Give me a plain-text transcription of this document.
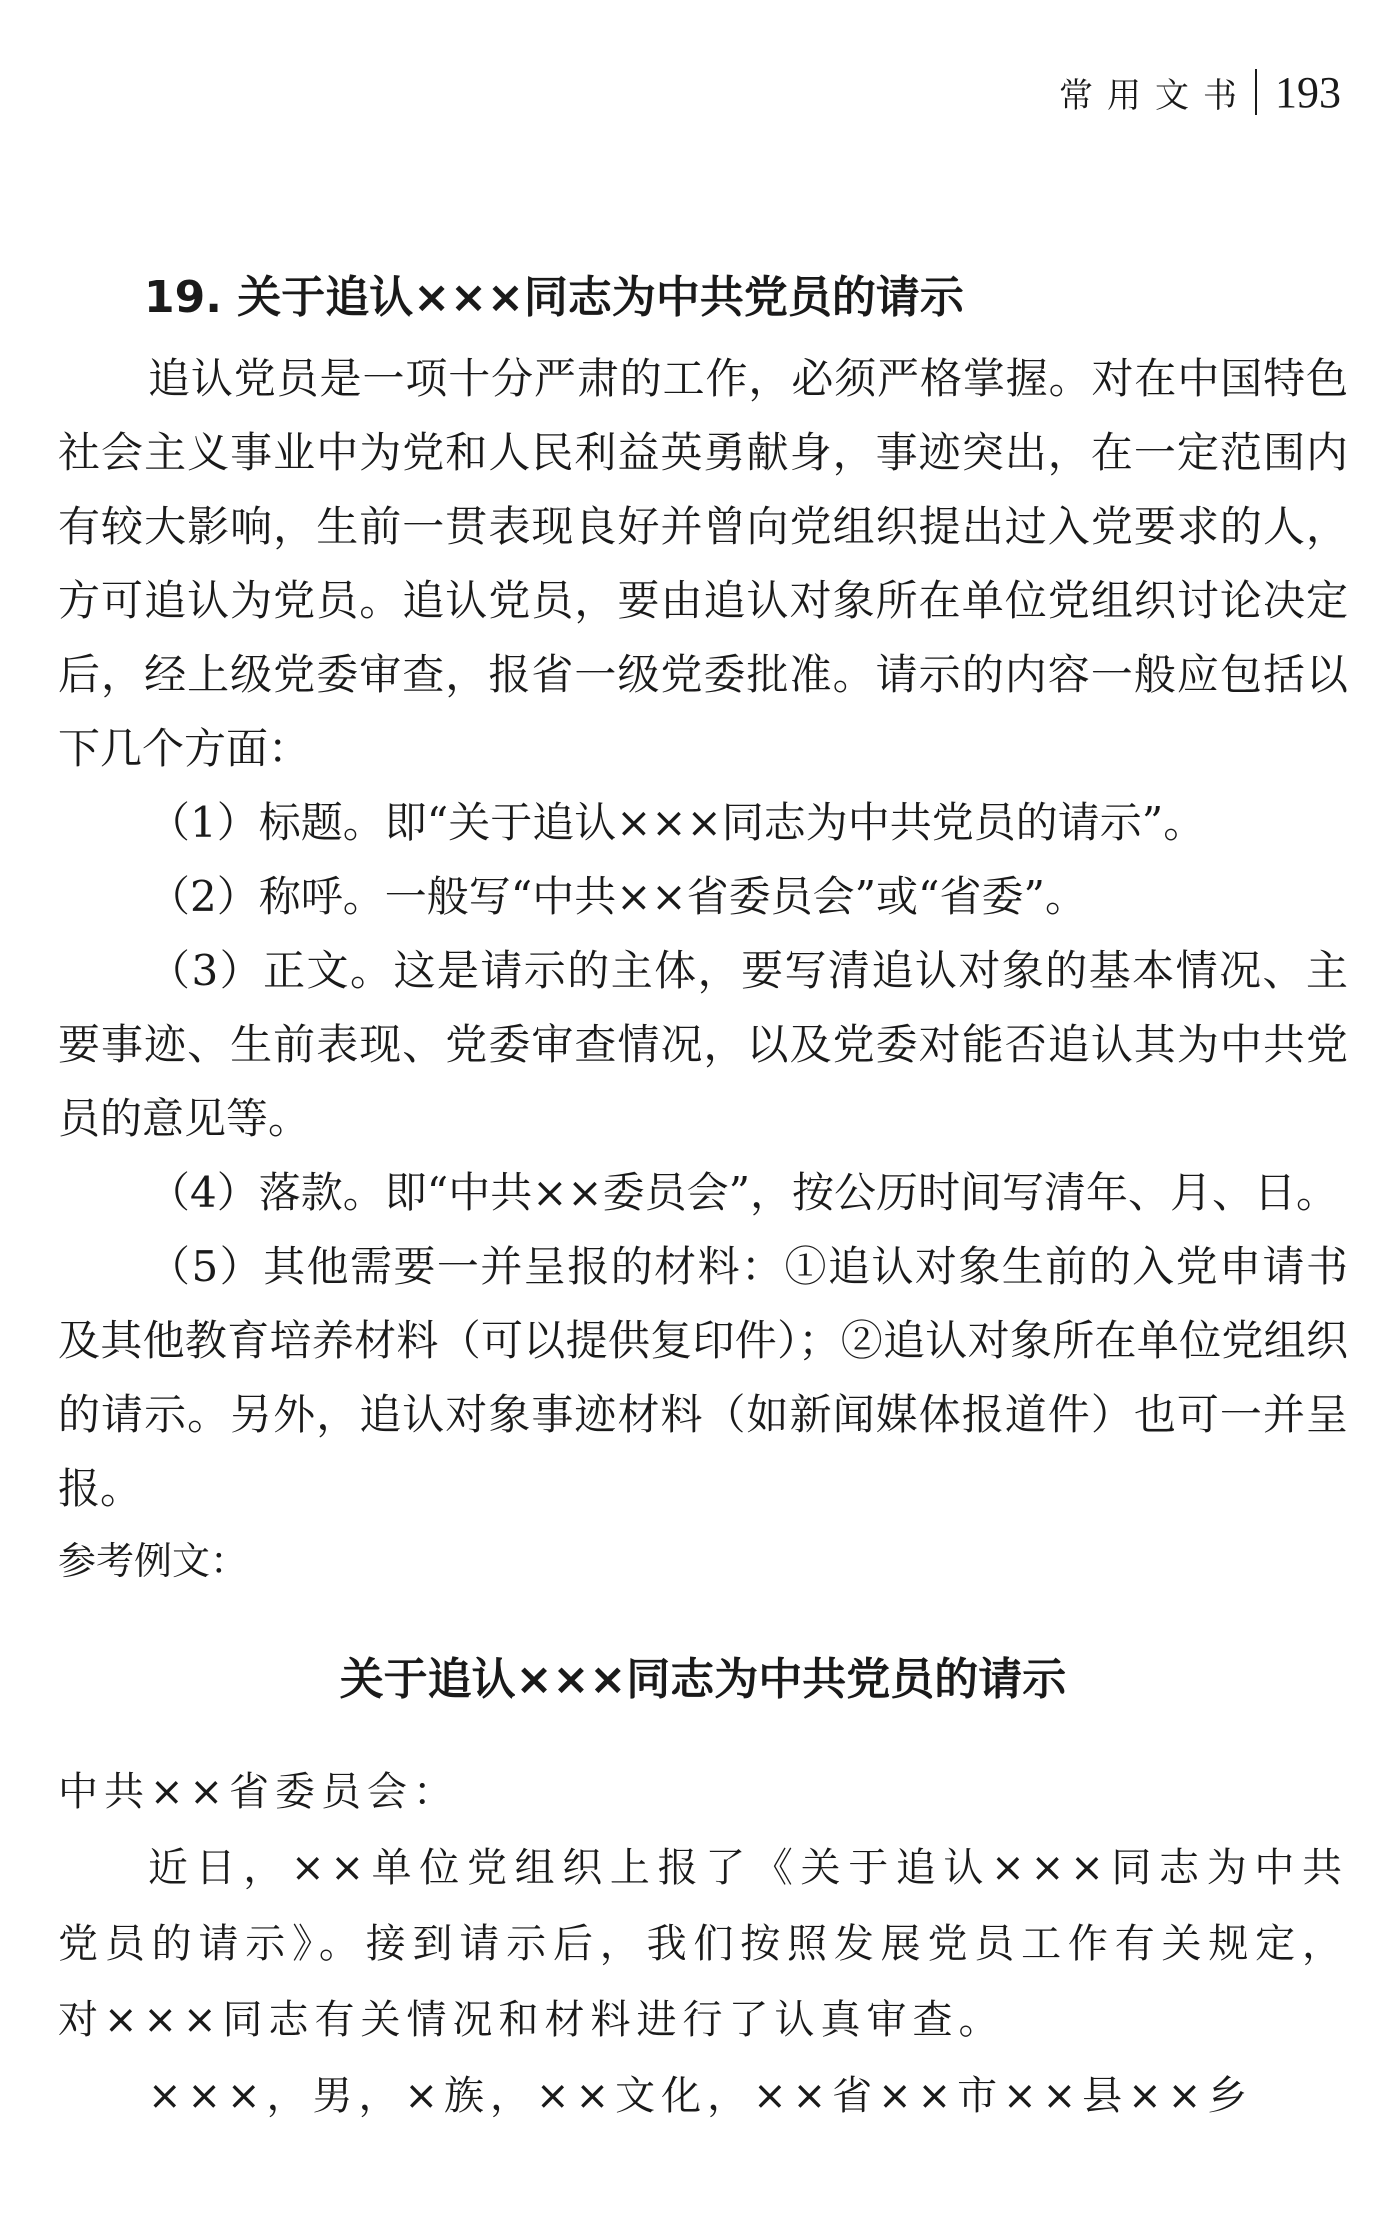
常用文书 193
19. 关于追认×××同志为中共党员的请示

追认党员是一项十分严肃的工作，必须严格掌握。对在中国特色社会主义事业中为党和人民利益英勇献身，事迹突出，在一定范围内有较大影响，生前一贯表现良好并曾向党组织提出过入党要求的人，方可追认为党员。追认党员，要由追认对象所在单位党组织讨论决定后，经上级党委审查，报省一级党委批准。请示的内容一般应包括以下几个方面：

（1）标题。即“关于追认×××同志为中共党员的请示”。

（2）称呼。一般写“中共××省委员会”或“省委”。

（3）正文。这是请示的主体，要写清追认对象的基本情况、主要事迹、生前表现、党委审查情况，以及党委对能否追认其为中共党员的意见等。

（4）落款。即“中共××委员会”，按公历时间写清年、月、日。

（5）其他需要一并呈报的材料：①追认对象生前的入党申请书及其他教育培养材料（可以提供复印件）；②追认对象所在单位党组织的请示。另外，追认对象事迹材料（如新闻媒体报道件）也可一并呈报。

参考例文：

关于追认×××同志为中共党员的请示

中共××省委员会：

近日，××单位党组织上报了《关于追认×××同志为中共党员的请示》。接到请示后，我们按照发展党员工作有关规定，对×××同志有关情况和材料进行了认真审查。

×××，男，×族，××文化，××省××市××县××乡
